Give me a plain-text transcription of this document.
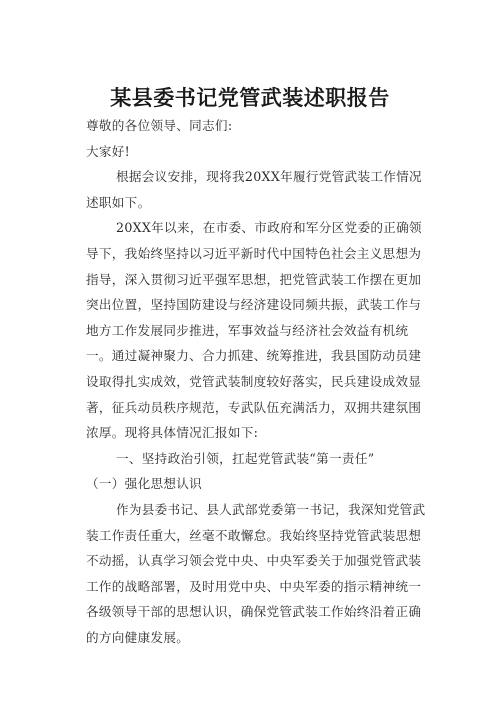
某县委书记党管武装述职报告

尊敬的各位领导、同志们:

大家好!

根据会议安排，现将我20XX年履行党管武装工作情况述职如下。

20XX年以来，在市委、市政府和军分区党委的正确领导下，我始终坚持以习近平新时代中国特色社会主义思想为指导，深入贯彻习近平强军思想，把党管武装工作摆在更加突出位置，坚持国防建设与经济建设同频共振，武装工作与地方工作发展同步推进，军事效益与经济社会效益有机统一。通过凝神聚力、合力抓建、统筹推进，我县国防动员建设取得扎实成效，党管武装制度较好落实，民兵建设成效显著，征兵动员秩序规范，专武队伍充满活力，双拥共建氛围浓厚。现将具体情况汇报如下:

一、坚持政治引领，扛起党管武装“第一责任”

（一）强化思想认识

作为县委书记、县人武部党委第一书记，我深知党管武装工作责任重大，丝毫不敢懈怠。我始终坚持党管武装思想不动摇，认真学习领会党中央、中央军委关于加强党管武装工作的战略部署，及时用党中央、中央军委的指示精神统一各级领导干部的思想认识，确保党管武装工作始终沿着正确

的方向健康发展。
